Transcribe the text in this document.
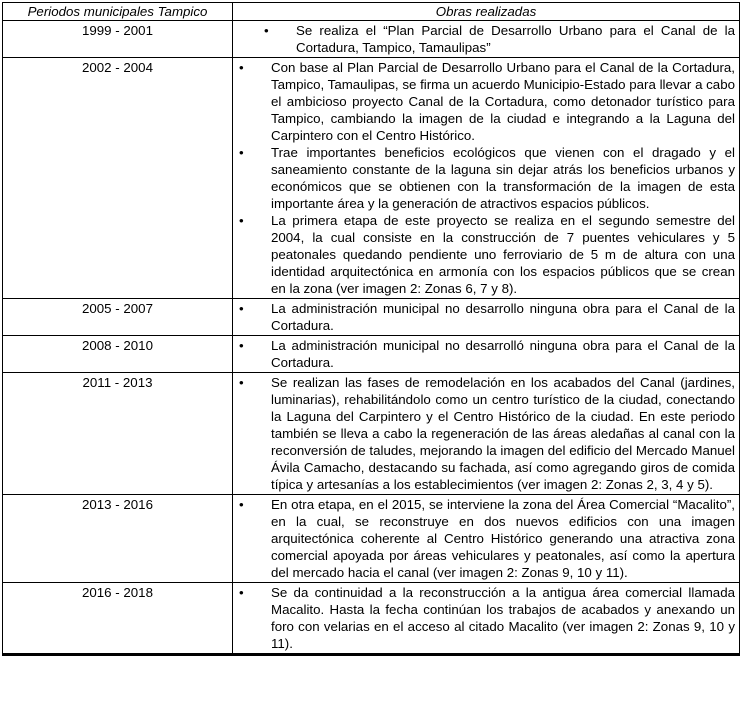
Periodos municipales Tampico	Obras realizadas
1999 - 2001	
•Se realiza el “Plan Parcial de Desarrollo Urbano para el Canal de la Cortadura, Tampico, Tamaulipas”

2002 - 2004	
•Con base al Plan Parcial de Desarrollo Urbano para el Canal de la Cortadura, Tampico, Tamaulipas, se firma un acuerdo Municipio-Estado para llevar a cabo el ambicioso proyecto Canal de la Cortadura, como detonador turístico para Tampico, cambiando la imagen de la ciudad e integrando a la Laguna del Carpintero con el Centro Histórico.
• Trae importantes beneficios ecológicos que vienen con el dragado y el saneamiento constante de la laguna sin dejar atrás los beneficios urbanos y económicos que se obtienen con la transformación de la imagen de esta importante área y la generación de atractivos espacios públicos.
• La primera etapa de este proyecto se realiza en el segundo semestre del 2004, la cual consiste en la construcción de 7 puentes vehiculares y 5 peatonales quedando pendiente uno ferroviario de 5 m de altura con una identidad arquitectónica en armonía con los espacios públicos que se crean en la zona (ver imagen 2: Zonas 6, 7 y 8).

2005 - 2007	
•La administración municipal no desarrollo ninguna obra para el Canal de la Cortadura.

2008 - 2010	
•La administración municipal no desarrolló ninguna obra para el Canal de la Cortadura.

2011 - 2013	
•Se realizan las fases de remodelación en los acabados del Canal (jardines, luminarias), rehabilitándolo como un centro turístico de la ciudad, conectando la Laguna del Carpintero y el Centro Histórico de la ciudad. En este periodo también se lleva a cabo la regeneración de las áreas aledañas al canal con la reconversión de taludes, mejorando la imagen del edificio del Mercado Manuel Ávila Camacho, destacando su fachada, así como agregando giros de comida típica y artesanías a los establecimientos (ver imagen 2: Zonas 2, 3, 4 y 5).

2013 - 2016	
•En otra etapa, en el 2015, se interviene la zona del Área Comercial “Macalito”, en la cual, se reconstruye en dos nuevos edificios con una imagen arquitectónica coherente al Centro Histórico generando una atractiva zona comercial apoyada por áreas vehiculares y peatonales, así como la apertura del mercado hacia el canal (ver imagen 2: Zonas 9, 10 y 11).

2016 - 2018	
•Se da continuidad a la reconstrucción a la antigua área comercial llamada Macalito. Hasta la fecha continúan los trabajos de acabados y anexando un foro con velarias en el acceso al citado Macalito (ver imagen 2: Zonas 9, 10 y 11).
